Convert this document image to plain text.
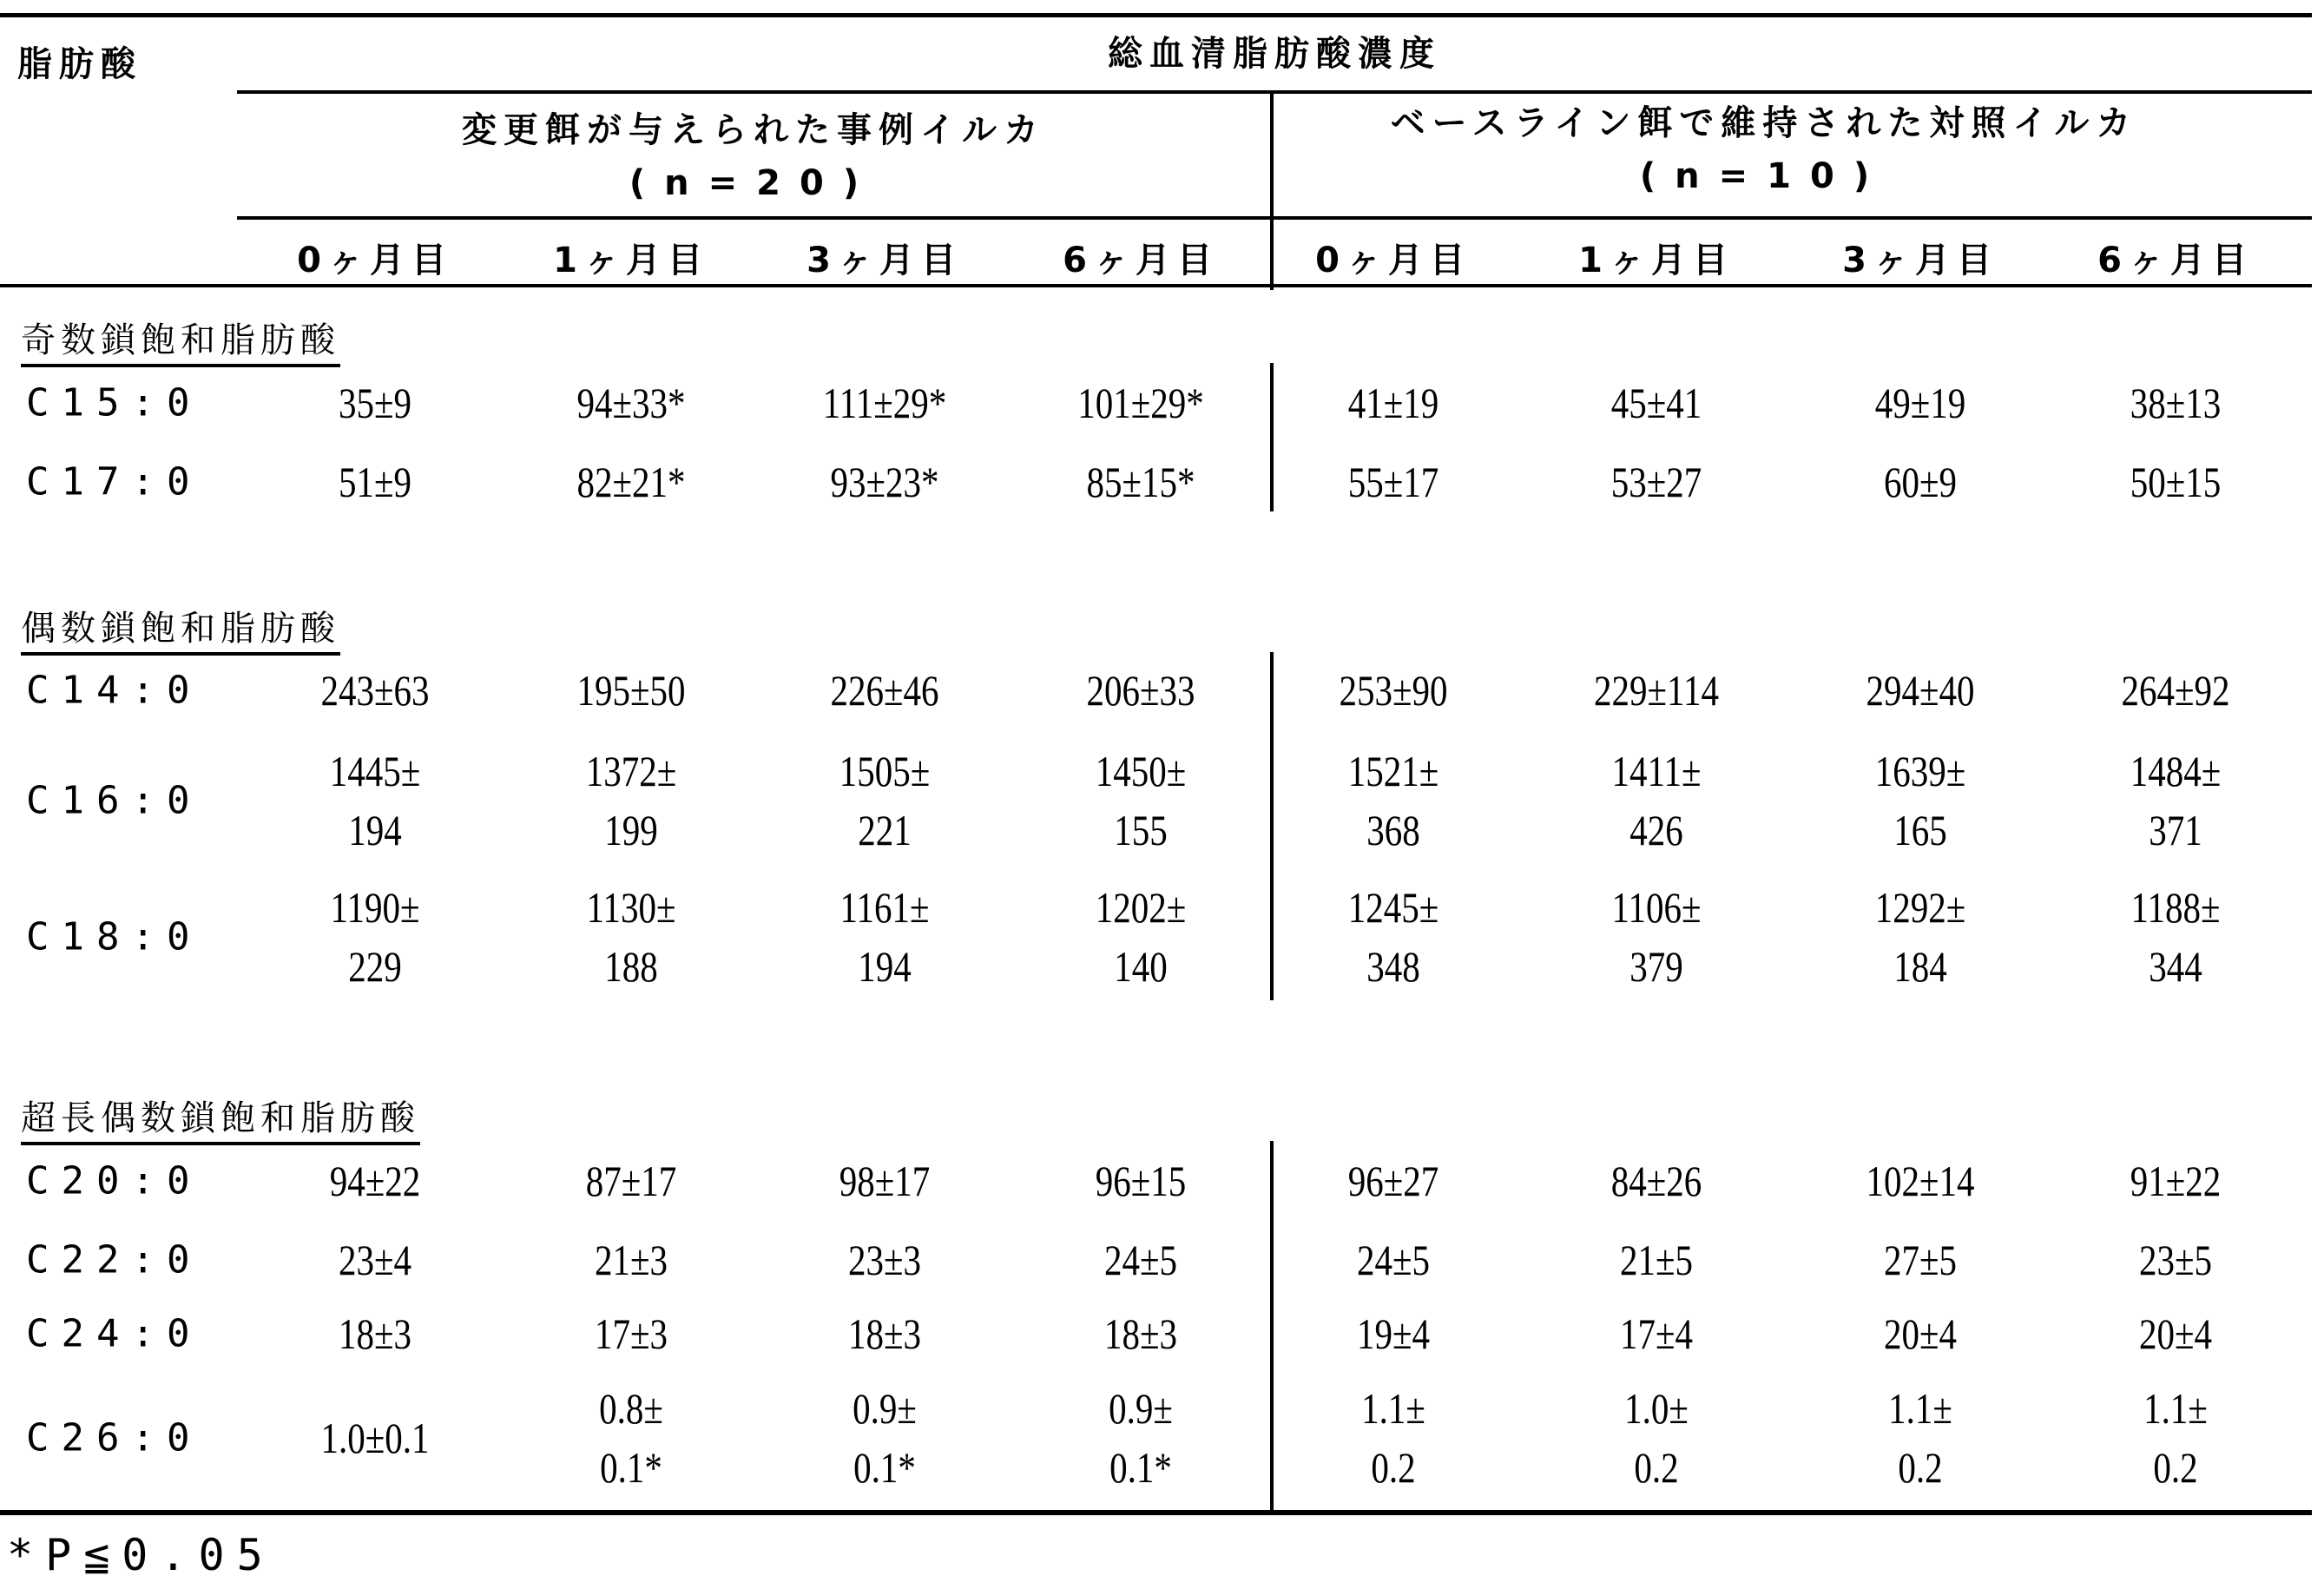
脂肪酸	総血清脂肪酸濃度
変更餌が与えられた事例イルカ
(n=20)
ベースライン餌で維持された対照イルカ
(n=10)
0ヶ月目	1ヶ月目	3ヶ月目	6ヶ月目	0ヶ月目	1ヶ月目	3ヶ月目	6ヶ月目
奇数鎖飽和脂肪酸
C15:0	35±9	94±33*	111±29*	101±29*	41±19	45±41	49±19	38±13
C17:0	51±9	82±21*	93±23*	85±15*	55±17	53±27	60±9	50±15
偶数鎖飽和脂肪酸
C14:0	243±63	195±50	226±46	206±33	253±90	229±114	294±40	264±92
C16:0
1445±
194
1372±
199
1505±
221
1450±
155
1521±
368
1411±
426
1639±
165
1484±
371
C18:0
1190±
229
1130±
188
1161±
194
1202±
140
1245±
348
1106±
379
1292±
184
1188±
344
超長偶数鎖飽和脂肪酸
C20:0	94±22	87±17	98±17	96±15	96±27	84±26	102±14	91±22
C22:0	23±4	21±3	23±3	24±5	24±5	21±5	27±5	23±5
C24:0	18±3	17±3	18±3	18±3	19±4	17±4	20±4	20±4
C26:0	1.0±0.1
0.8±
0.1*
0.9±
0.1*
0.9±
0.1*
1.1±
0.2
1.0±
0.2
1.1±
0.2
1.1±
0.2
*P≦0.05
